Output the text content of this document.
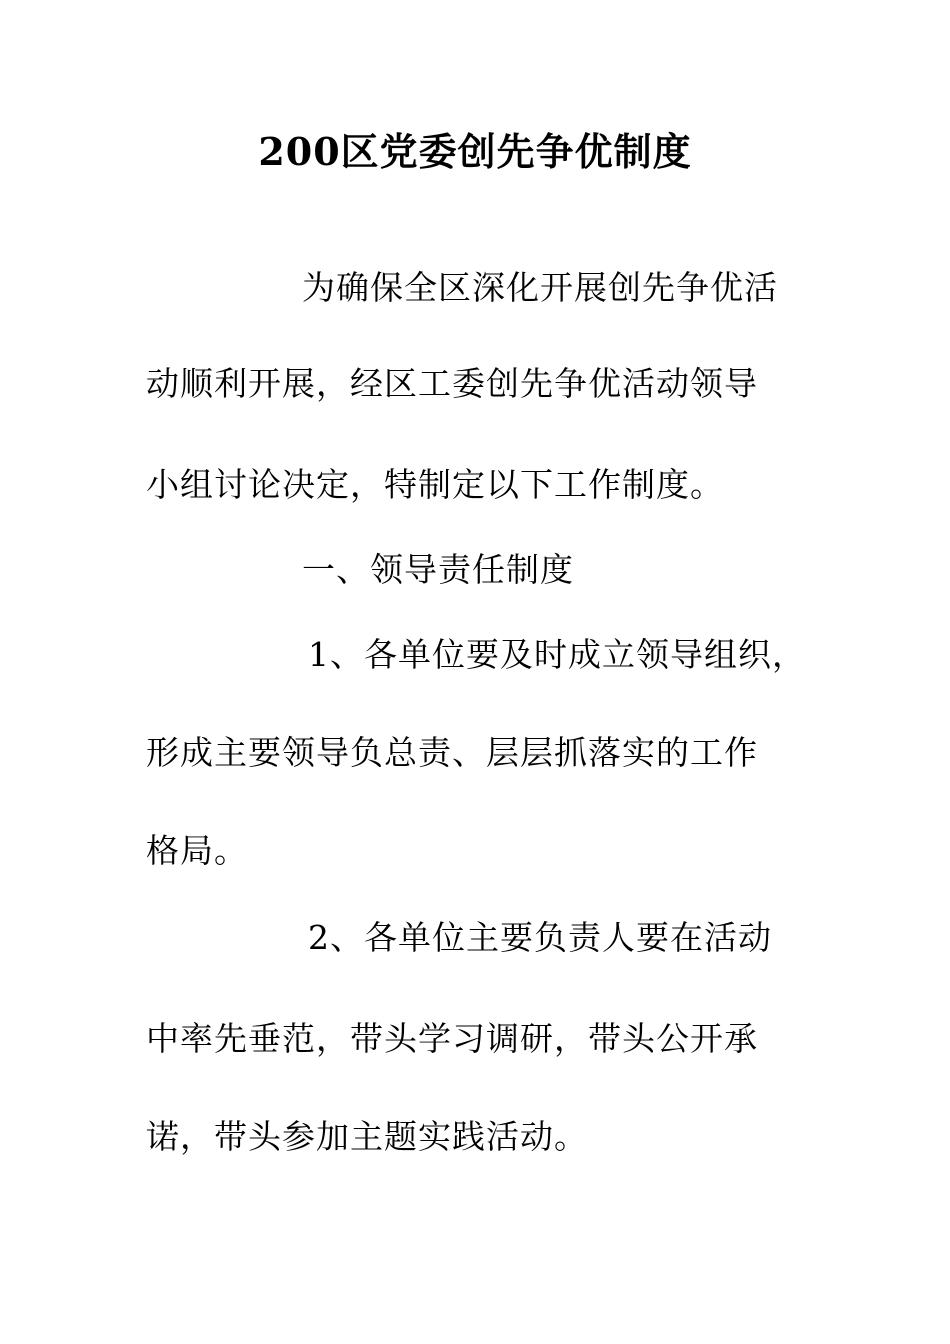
200区党委创先争优制度
为确保全区深化开展创先争优活
动顺利开展，经区工委创先争优活动领导
小组讨论决定，特制定以下工作制度。
一、领导责任制度
1、各单位要及时成立领导组织，
形成主要领导负总责、层层抓落实的工作
格局。
2、各单位主要负责人要在活动
中率先垂范，带头学习调研，带头公开承
诺，带头参加主题实践活动。
